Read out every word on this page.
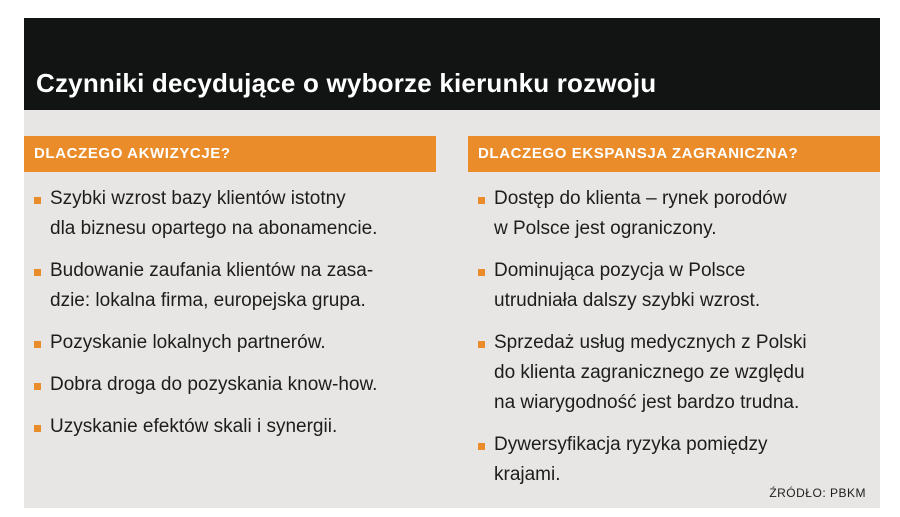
Czynniki decydujące o wyborze kierunku rozwoju
DLACZEGO AKWIZYCJE?
Szybki wzrost bazy klientów istotny
dla biznesu opartego na abonamencie.
Budowanie zaufania klientów na zasa-
dzie: lokalna firma, europejska grupa.
Pozyskanie lokalnych partnerów.
Dobra droga do pozyskania know-how.
Uzyskanie efektów skali i synergii.
DLACZEGO EKSPANSJA ZAGRANICZNA?
Dostęp do klienta – rynek porodów
w Polsce jest ograniczony.
Dominująca pozycja w Polsce
utrudniała dalszy szybki wzrost.
Sprzedaż usług medycznych z Polski
do klienta zagranicznego ze względu
na wiarygodność jest bardzo trudna.
Dywersyfikacja ryzyka pomiędzy
krajami.
ŹRÓDŁO: PBKM
